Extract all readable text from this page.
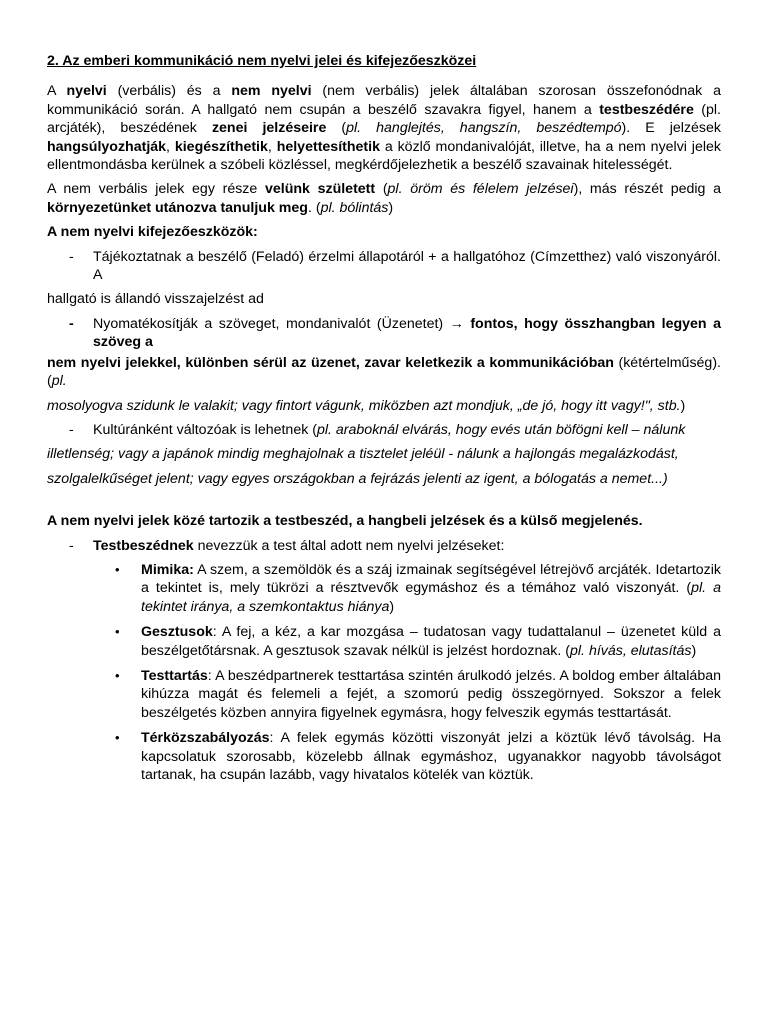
2. Az emberi kommunikáció nem nyelvi jelei és kifejezőeszközei

A nyelvi (verbális) és a nem nyelvi (nem verbális) jelek általában szorosan összefonódnak a kommunikáció során. A hallgató nem csupán a beszélő szavakra figyel, hanem a testbeszédére (pl. arcjáték), beszédének zenei jelzéseire (pl. hanglejtés, hangszín, beszédtempó). E jelzések hangsúlyozhatják, kiegészíthetik, helyettesíthetik a közlő mondanivalóját, illetve, ha a nem nyelvi jelek ellentmondásba kerülnek a szóbeli közléssel, megkérdőjelezhetik a beszélő szavainak hitelességét.

A nem verbális jelek egy része velünk született (pl. öröm és félelem jelzései), más részét pedig a környezetünket utánozva tanuljuk meg. (pl. bólintás)

A nem nyelvi kifejezőeszközök:

-	Tájékoztatnak a beszélő (Feladó) érzelmi állapotáról + a hallgatóhoz (Címzetthez) való viszonyáról. A

hallgató is állandó visszajelzést ad

-	Nyomatékosítják a szöveget, mondanivalót (Üzenetet) → fontos, hogy összhangban legyen a szöveg a

nem nyelvi jelekkel, különben sérül az üzenet, zavar keletkezik a kommunikációban (kétértelműség). (pl.

mosolyogva szidunk le valakit; vagy fintort vágunk, miközben azt mondjuk, „de jó, hogy itt vagy!", stb.)

-	Kultúránként változóak is lehetnek (pl. araboknál elvárás, hogy evés után böfögni kell – nálunk

illetlenség; vagy a japánok mindig meghajolnak a tisztelet jeléül - nálunk a hajlongás megalázkodást,

szolgalelkűséget jelent; vagy egyes országokban a fejrázás jelenti az igent, a bólogatás a nemet...)

A nem nyelvi jelek közé tartozik a testbeszéd, a hangbeli jelzések és a külső megjelenés.

-	Testbeszédnek nevezzük a test által adott nem nyelvi jelzéseket:
•	Mimika: A szem, a szemöldök és a száj izmainak segítségével létrejövő arcjáték. Idetartozik a tekintet is, mely tükrözi a résztvevők egymáshoz és a témához való viszonyát. (pl. a tekintet iránya, a szemkontaktus hiánya)
•	Gesztusok: A fej, a kéz, a kar mozgása – tudatosan vagy tudattalanul – üzenetet küld a beszélgetőtársnak. A gesztusok szavak nélkül is jelzést hordoznak. (pl. hívás, elutasítás)
•	Testtartás: A beszédpartnerek testtartása szintén árulkodó jelzés. A boldog ember általában kihúzza magát és felemeli a fejét, a szomorú pedig összegörnyed. Sokszor a felek beszélgetés közben annyira figyelnek egymásra, hogy felveszik egymás testtartását.
•	Térközszabályozás: A felek egymás közötti viszonyát jelzi a köztük lévő távolság. Ha kapcsolatuk szorosabb, közelebb állnak egymáshoz, ugyanakkor nagyobb távolságot tartanak, ha csupán lazább, vagy hivatalos kötelék van köztük.
